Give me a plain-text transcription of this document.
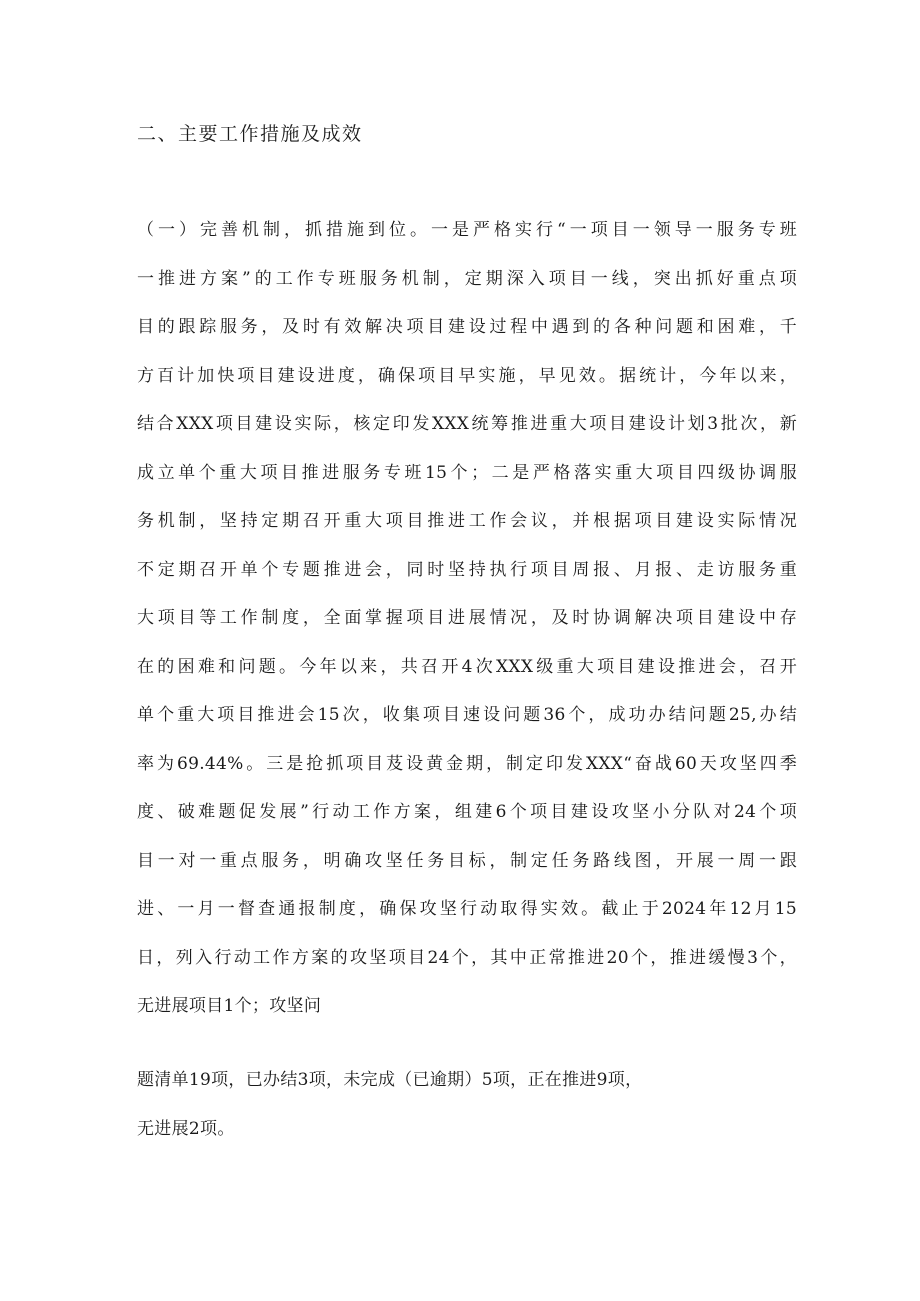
二、主要工作措施及成效
（一）完善机制，抓措施到位。一是严格实行“一项目一领导一服务专班
一推进方案”的工作专班服务机制，定期深入项目一线，突出抓好重点项
目的跟踪服务，及时有效解决项目建设过程中遇到的各种问题和困难，千
方百计加快项目建设进度，确保项目早实施，早见效。据统计，今年以来，
结合XXX项目建设实际，核定印发XXX统筹推进重大项目建设计划3批次，新
成立单个重大项目推进服务专班15个；二是严格落实重大项目四级协调服
务机制，坚持定期召开重大项目推进工作会议，并根据项目建设实际情况
不定期召开单个专题推进会，同时坚持执行项目周报、月报、走访服务重
大项目等工作制度，全面掌握项目进展情况，及时协调解决项目建设中存
在的困难和问题。今年以来，共召开4次XXX级重大项目建设推进会，召开
单个重大项目推进会15次，收集项目速设问题36个，成功办结问题25,办结
率为69.44%。三是抢抓项目芨设黄金期，制定印发XXX“奋战60天攻坚四季
度、破难题促发展”行动工作方案，组建6个项目建设攻坚小分队对24个项
目一对一重点服务，明确攻坚任务目标，制定任务路线图，开展一周一跟
进、一月一督查通报制度，确保攻坚行动取得实效。截止于2024年12月15
日，列入行动工作方案的攻坚项目24个，其中正常推进20个，推进缓慢3个，
无进展项目1个；攻坚问
题清单19项，已办结3项，未完成（已逾期）5项，正在推进9项，
无进展2项。
